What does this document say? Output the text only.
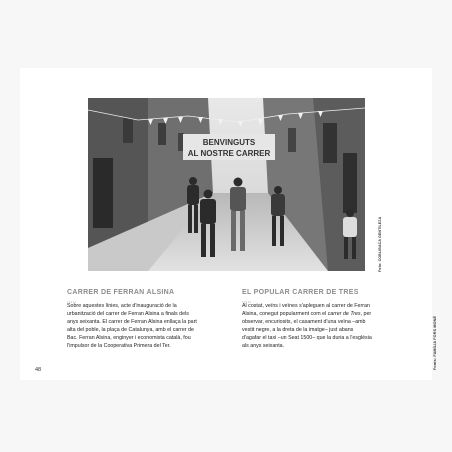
BENVINGUTS
AL NOSTRE CARRER
Foto: COBLIBACA GENTILEZA
CARRER DE FERRAN ALSINA
•••••

Sobre aquestes línies, acte d'inauguració de la urbanització del carrer de Ferran Alsina a finals dels anys seixanta. El carrer de Ferran Alsina enllaça la part alta del poble, la plaça de Catalunya, amb el carrer de Bac. Ferran Alsina, enginyer i economista català, fou l'impulsor de la Cooperativa Primera del Ter.

EL POPULAR CARRER DE TRES
•••••

Al costat, veïns i veïnes s'apleguen al carrer de Ferran Alsina, conegut popularment com el carrer de Tres, per observar, encuriosits, el casament d'una veïna –amb vestit negre, a la dreta de la imatge– just abans d'agafar el taxi –un Seat 1500– que la duria a l'església als anys seixanta.

48	Fonts: FAMÍLIA FORS MONÉ
